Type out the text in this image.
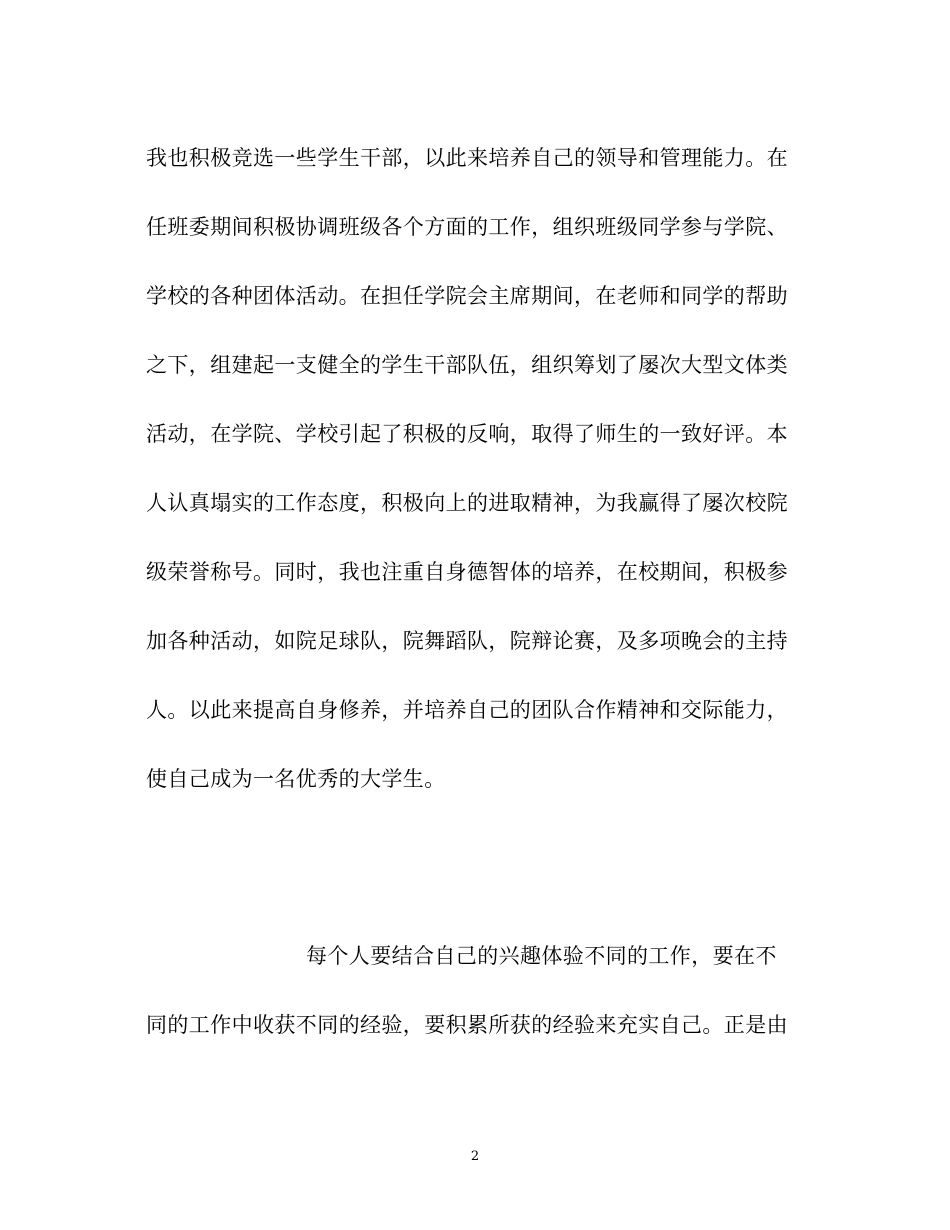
我也积极竞选一些学生干部，以此来培养自己的领导和管理能力。在
任班委期间积极协调班级各个方面的工作，组织班级同学参与学院、
学校的各种团体活动。在担任学院会主席期间，在老师和同学的帮助
之下，组建起一支健全的学生干部队伍，组织筹划了屡次大型文体类
活动，在学院、学校引起了积极的反响，取得了师生的一致好评。本
人认真塌实的工作态度，积极向上的进取精神，为我赢得了屡次校院
级荣誉称号。同时，我也注重自身德智体的培养，在校期间，积极参
加各种活动，如院足球队，院舞蹈队，院辩论赛，及多项晚会的主持
人。以此来提高自身修养，并培养自己的团队合作精神和交际能力，
使自己成为一名优秀的大学生。
每个人要结合自己的兴趣体验不同的工作，要在不
同的工作中收获不同的经验，要积累所获的经验来充实自己。正是由
2
